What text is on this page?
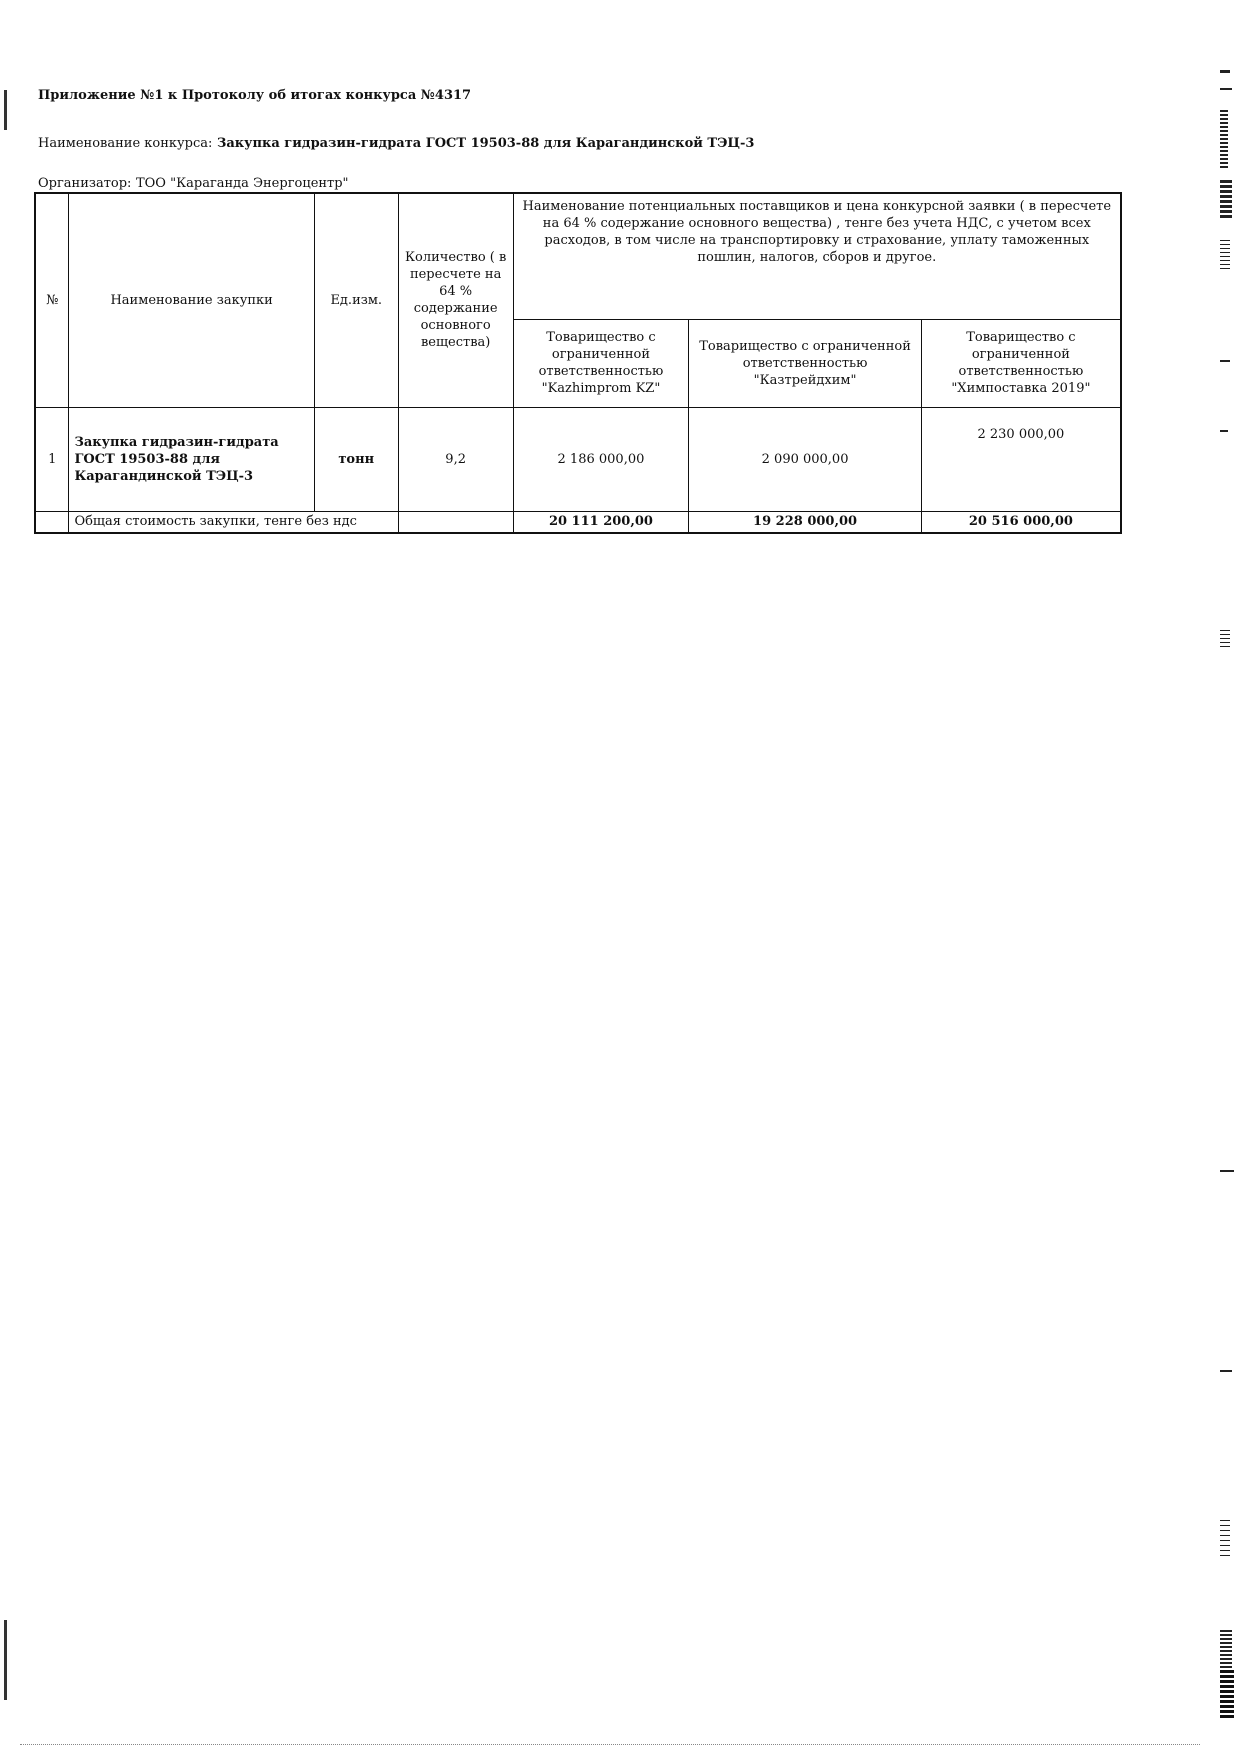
Приложение №1 к Протоколу об итогах конкурса №4317
Наименование конкурса: Закупка гидразин-гидрата ГОСТ 19503-88 для Карагандинской ТЭЦ-3
Организатор: ТОО "Караганда Энергоцентр"
№	Наименование закупки	Ед.изм.	Количество ( в пересчете на 64 % содержание основного вещества)	Наименование потенциальных поставщиков и цена конкурсной заявки ( в пересчете на 64 % содержание основного вещества) , тенге без учета НДС, с учетом всех расходов, в том числе на транспортировку и страхование, уплату таможенных пошлин, налогов, сборов и другое.		
				Товарищество с ограниченной ответственностью "Kazhimprom KZ"	Товарищество с ограниченной ответственностью "Казтрейдхим"	Товарищество с ограниченной ответственностью "Химпоставка 2019"
1	Закупка гидразин-гидрата ГОСТ 19503-88 для Карагандинской ТЭЦ-3	тонн	9,2	2 186 000,00	2 090 000,00	2 230 000,00
	Общая стоимость закупки, тенге без ндс			20 111 200,00	19 228 000,00	20 516 000,00
